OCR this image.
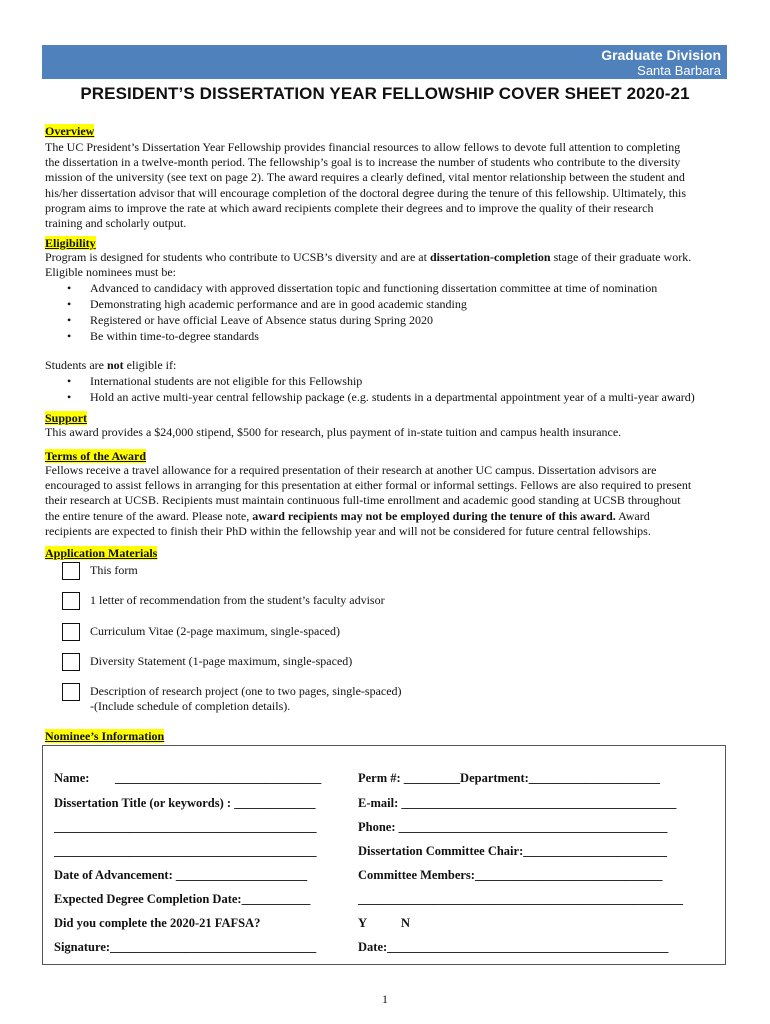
Graduate Division
Santa Barbara
PRESIDENT’S DISSERTATION YEAR FELLOWSHIP COVER SHEET 2020-21
Overview
The UC President’s Dissertation Year Fellowship provides financial resources to allow fellows to devote full attention to completing
the dissertation in a twelve-month period. The fellowship’s goal is to increase the number of students who contribute to the diversity
mission of the university (see text on page 2). The award requires a clearly defined, vital mentor relationship between the student and
his/her dissertation advisor that will encourage completion of the doctoral degree during the tenure of this fellowship. Ultimately, this
program aims to improve the rate at which award recipients complete their degrees and to improve the quality of their research
training and scholarly output.
Eligibility
Program is designed for students who contribute to UCSB’s diversity and are at dissertation-completion stage of their graduate work.
Eligible nominees must be:
• Advanced to candidacy with approved dissertation topic and functioning dissertation committee at time of nomination
• Demonstrating high academic performance and are in good academic standing
• Registered or have official Leave of Absence status during Spring 2020
• Be within time-to-degree standards
Students are not eligible if:
• International students are not eligible for this Fellowship
• Hold an active multi-year central fellowship package (e.g. students in a departmental appointment year of a multi-year award)
Support
This award provides a $24,000 stipend, $500 for research, plus payment of in-state tuition and campus health insurance.
Terms of the Award
Fellows receive a travel allowance for a required presentation of their research at another UC campus. Dissertation advisors are
encouraged to assist fellows in arranging for this presentation at either formal or informal settings. Fellows are also required to present
their research at UCSB. Recipients must maintain continuous full-time enrollment and academic good standing at UCSB throughout
the entire tenure of the award. Please note, award recipients may not be employed during the tenure of this award. Award
recipients are expected to finish their PhD within the fellowship year and will not be considered for future central fellowships.
Application Materials
This form
1 letter of recommendation from the student’s faculty advisor
Curriculum Vitae (2-page maximum, single-spaced)
Diversity Statement (1-page maximum, single-spaced)
Description of research project (one to two pages, single-spaced)
-(Include schedule of completion details).
Nominee’s Information
Name: _________________________________	Perm #: _________Department:_____________________
Dissertation Title (or keywords) : _____________	E-mail: ____________________________________________
__________________________________________	Phone: ___________________________________________
__________________________________________	Dissertation Committee Chair:_______________________
Date of Advancement: _____________________	Committee Members:______________________________
Expected Degree Completion Date:___________	____________________________________________________
Did you complete the 2020-21 FAFSA?	Y	N
Signature:_________________________________	Date:_____________________________________________
1
